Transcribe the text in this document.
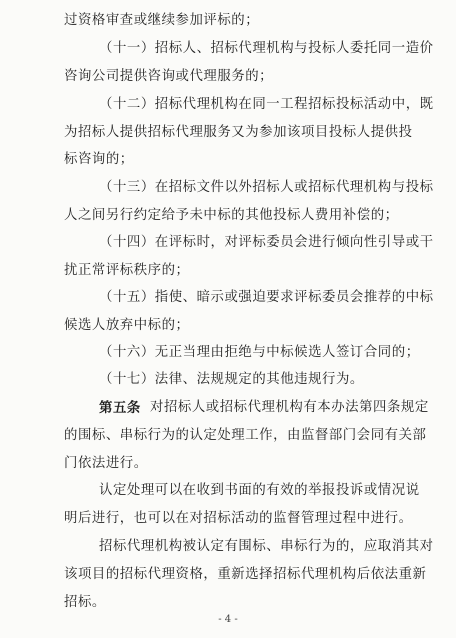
过资格审查或继续参加评标的；
（十一）招标人、招标代理机构与投标人委托同一造价
咨询公司提供咨询或代理服务的；
（十二）招标代理机构在同一工程招标投标活动中，既
为招标人提供招标代理服务又为参加该项目投标人提供投
标咨询的；
（十三）在招标文件以外招标人或招标代理机构与投标
人之间另行约定给予未中标的其他投标人费用补偿的；
（十四）在评标时，对评标委员会进行倾向性引导或干
扰正常评标秩序的；
（十五）指使、暗示或强迫要求评标委员会推荐的中标
候选人放弃中标的；
（十六）无正当理由拒绝与中标候选人签订合同的；
（十七）法律、法规规定的其他违规行为。
第五条 对招标人或招标代理机构有本办法第四条规定
的围标、串标行为的认定处理工作，由监督部门会同有关部
门依法进行。
认定处理可以在收到书面的有效的举报投诉或情况说
明后进行，也可以在对招标活动的监督管理过程中进行。
招标代理机构被认定有围标、串标行为的，应取消其对
该项目的招标代理资格，重新选择招标代理机构后依法重新
招标。
- 4 -
